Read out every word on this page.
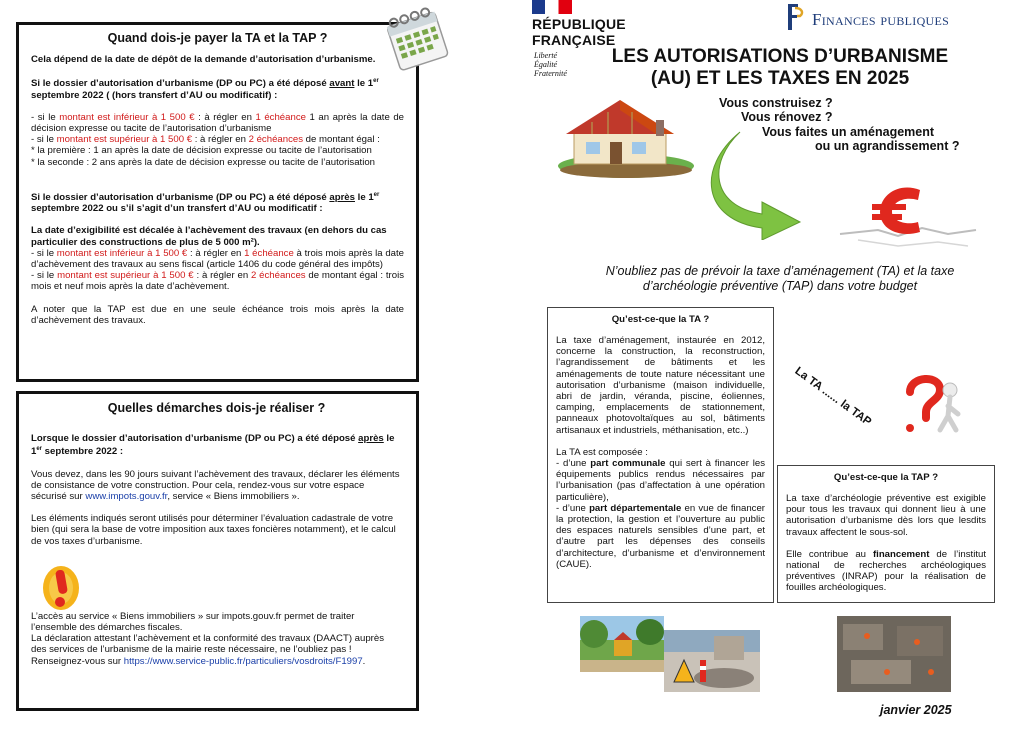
Quand dois-je payer la TA et la TAP ?

Cela dépend de la date de dépôt de la demande d’autorisation d’urbanisme.

Si le dossier d’autorisation d’urbanisme (DP ou PC) a été déposé avant le 1er septembre 2022 ( (hors transfert d’AU ou modificatif) :

- si le montant est inférieur à 1 500 € : à régler en 1 échéance 1 an après la date de décision expresse ou tacite de l’autorisation d’urbanisme

- si le montant est supérieur à 1 500 € : à régler en 2 échéances de montant égal :

* la première : 1 an après la date de décision expresse ou tacite de l’autorisation

* la seconde : 2 ans après la date de décision expresse ou tacite de l’autorisation

Si le dossier d’autorisation d’urbanisme (DP ou PC) a été déposé après le 1er septembre 2022 ou s’il s’agit d’un transfert d’AU ou modificatif :

La date d’exigibilité est décalée à l’achèvement des travaux (en dehors du cas particulier des constructions de plus de 5 000 m²).

- si le montant est inférieur à 1 500 € : à régler en 1 échéance à trois mois après la date d’achèvement des travaux au sens fiscal (article 1406 du code général des impôts)

- si le montant est supérieur à 1 500 € : à régler en 2 échéances de montant égal : trois mois et neuf mois après la date d’achèvement.

A noter que la TAP est due en une seule échéance trois mois après la date d’achèvement des travaux.

Quelles démarches dois-je réaliser ?

Lorsque le dossier d’autorisation d’urbanisme (DP ou PC) a été déposé après le 1er septembre 2022 :

Vous devez, dans les 90 jours suivant l’achèvement des travaux, déclarer les éléments de consistance de votre construction. Pour cela, rendez-vous sur votre espace sécurisé sur www.impots.gouv.fr, service « Biens immobiliers ».

Les éléments indiqués seront utilisés pour déterminer l’évaluation cadastrale de votre bien (qui sera la base de votre imposition aux taxes foncières notamment), et le calcul de vos taxes d’urbanisme.

L’accès au service « Biens immobiliers » sur impots.gouv.fr permet de traiter l’ensemble des démarches fiscales.

La déclaration attestant l’achèvement et la conformité des travaux (DAACT) auprès des services de l’urbanisme de la mairie reste nécessaire, ne l’oubliez pas !

Renseignez-vous sur https://www.service-public.fr/particuliers/vosdroits/F1997.

RÉPUBLIQUE
FRANÇAISE
Liberté
Égalité
Fraternité
Finances publiques
LES AUTORISATIONS D’URBANISME
(AU) ET LES TAXES EN 2025
Vous construisez ?
Vous rénovez ?
Vous faites un aménagement
ou un agrandissement ?
N’oubliez pas de prévoir la taxe d’aménagement (TA) et la taxe d’archéologie préventive (TAP) dans votre budget
Qu’est-ce-que la TA ?

La taxe d’aménagement, instaurée en 2012, concerne la construction, la reconstruction, l’agrandissement de bâtiments et les aménagements de toute nature nécessitant une autorisation d’urbanisme (maison individuelle, abri de jardin, véranda, piscine, éoliennes, camping, emplacements de stationnement, panneaux photovoltaïques au sol, bâtiments artisanaux et industriels, méthanisation, etc..)

La TA est composée :

- d’une part communale qui sert à financer les équipements publics rendus nécessaires par l’urbanisation (pas d’affectation à une opération particulière),

- d’une part départementale en vue de financer la protection, la gestion et l’ouverture au public des espaces naturels sensibles d’une part, et d’autre part les dépenses des conseils d’architecture, d’urbanisme et d’environnement (CAUE).

La TA ...... la TAP
Qu’est-ce-que la TAP ?

La taxe d’archéologie préventive est exigible pour tous les travaux qui donnent lieu à une autorisation d’urbanisme dès lors que lesdits travaux affectent le sous-sol.

Elle contribue au financement de l’institut national de recherches archéologiques préventives (INRAP) pour la réalisation de fouilles archéologiques.

janvier 2025
